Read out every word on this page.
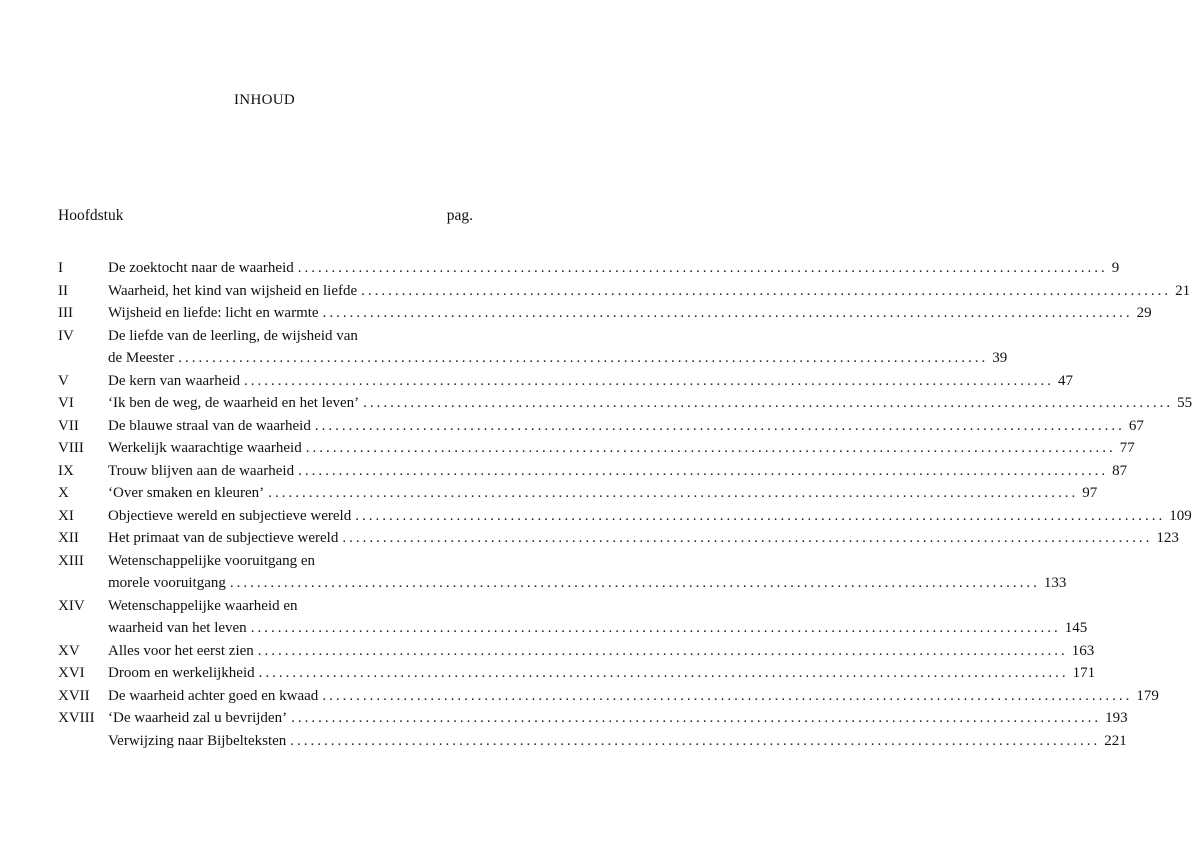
INHOUD
Hoofdstuk	pag.
I	De zoektocht naar de waarheid ........................................................................................................................ 9
II	Waarheid, het kind van wijsheid en liefde ........................................................................................................................ 21
III Wijsheid en liefde: licht en warmte ........................................................................................................................ 29
IV De liefde van de leerling, de wijsheid van
de Meester ........................................................................................................................ 39
V	De kern van waarheid ........................................................................................................................ 47
VI ‘Ik ben de weg, de waarheid en het leven’ ........................................................................................................................ 55
VII De blauwe straal van de waarheid ........................................................................................................................ 67
VIII Werkelijk waarachtige waarheid ........................................................................................................................ 77
IX Trouw blijven aan de waarheid ........................................................................................................................ 87
X	‘Over smaken en kleuren’ ........................................................................................................................ 97
XI Objectieve wereld en subjectieve wereld ........................................................................................................................ 109
XII Het primaat van de subjectieve wereld ........................................................................................................................ 123
XIII Wetenschappelijke vooruitgang en
morele vooruitgang ........................................................................................................................ 133
XIV Wetenschappelijke waarheid en
waarheid van het leven ........................................................................................................................ 145
XV Alles voor het eerst zien ........................................................................................................................ 163
XVI Droom en werkelijkheid ........................................................................................................................ 171
XVII De waarheid achter goed en kwaad ........................................................................................................................ 179
XVIII ‘De waarheid zal u bevrijden’ ........................................................................................................................ 193
Verwijzing naar Bijbelteksten ........................................................................................................................ 221
